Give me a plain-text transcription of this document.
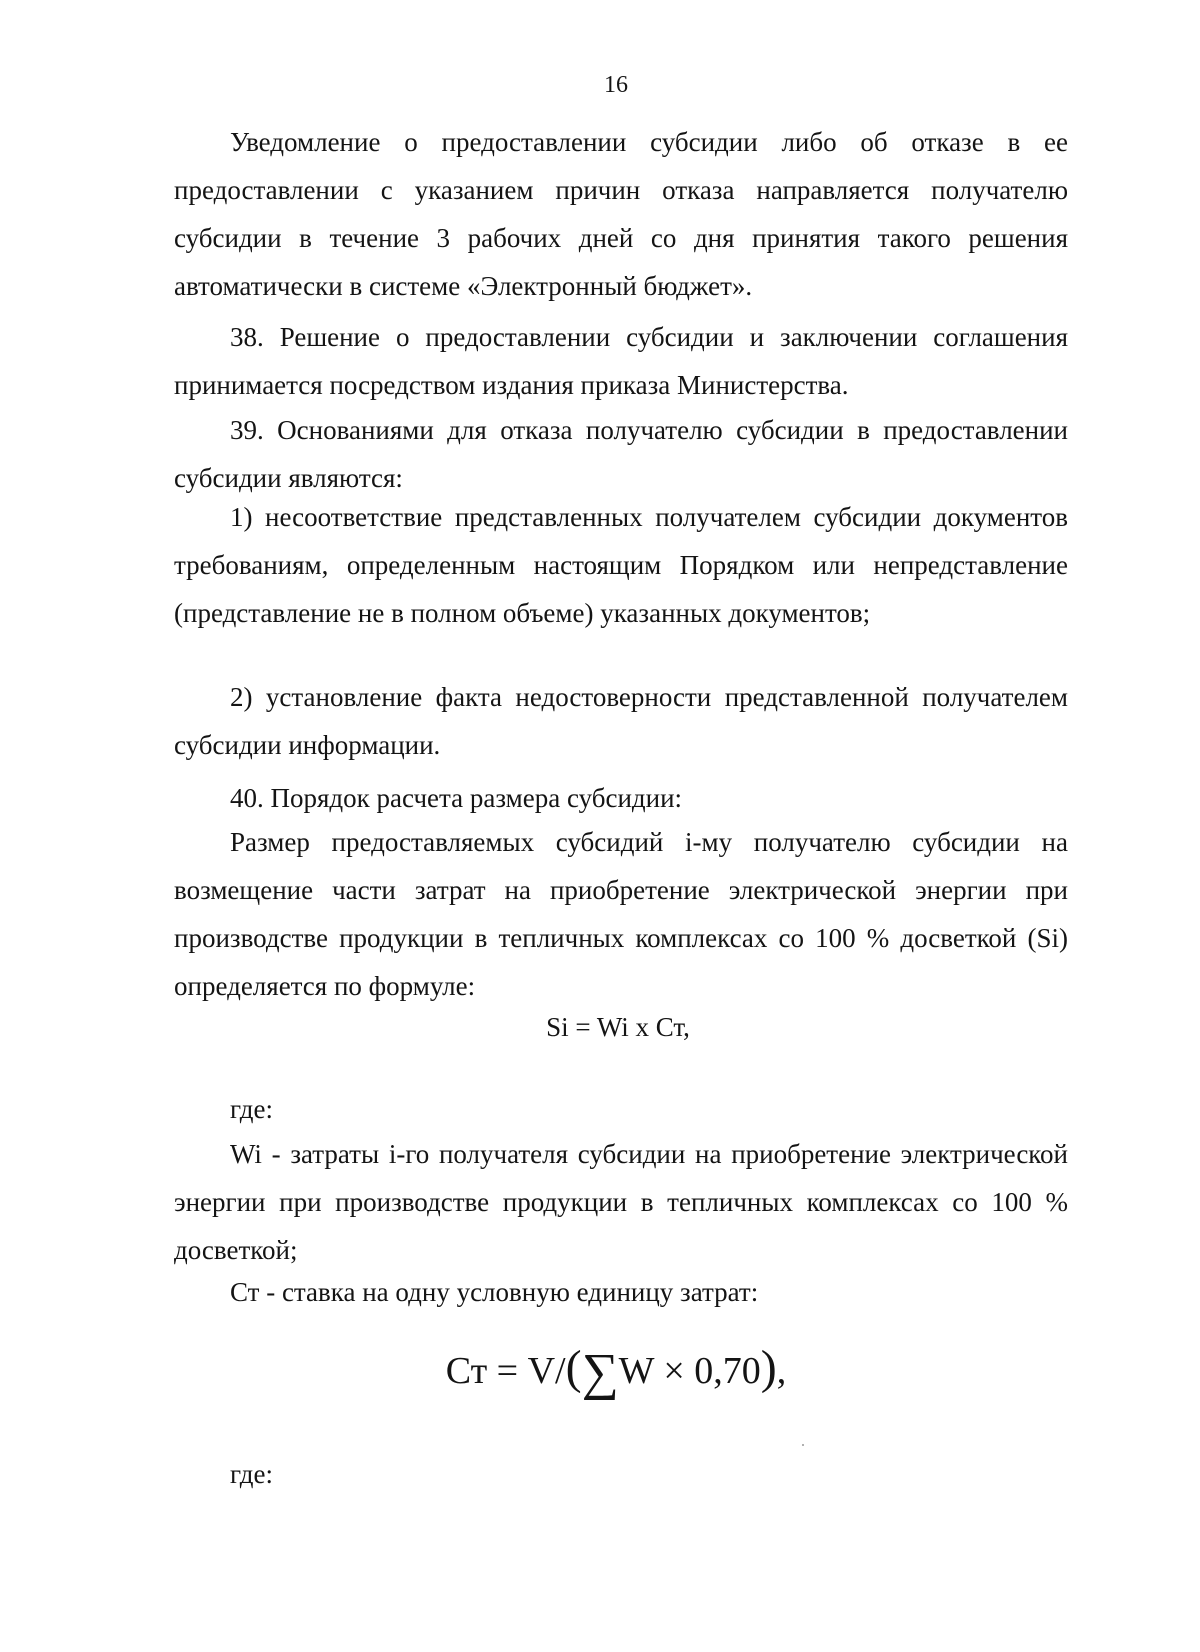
16

Уведомление о предоставлении субсидии либо об отказе в ее предоставлении с указанием причин отказа направляется получателю субсидии в течение 3 рабочих дней со дня принятия такого решения автоматически в системе «Электронный бюджет».

38. Решение о предоставлении субсидии и заключении соглашения принимается посредством издания приказа Министерства.

39. Основаниями для отказа получателю субсидии в предоставлении субсидии являются:

1) несоответствие представленных получателем субсидии документов требованиям, определенным настоящим Порядком или непредставление (представление не в полном объеме) указанных документов;

2) установление факта недостоверности представленной получателем субсидии информации.

40. Порядок расчета размера субсидии:

Размер предоставляемых субсидий i-му получателю субсидии на возмещение части затрат на приобретение электрической энергии при производстве продукции в тепличных комплексах со 100 % досветкой (Si) определяется по формуле:

Si = Wi x Ст,
где:

Wi - затраты i-го получателя субсидии на приобретение электрической энергии при производстве продукции в тепличных комплексах со 100 % досветкой;

Ст - ставка на одну условную единицу затрат:

Ст = V/(∑W × 0,70),
где:
